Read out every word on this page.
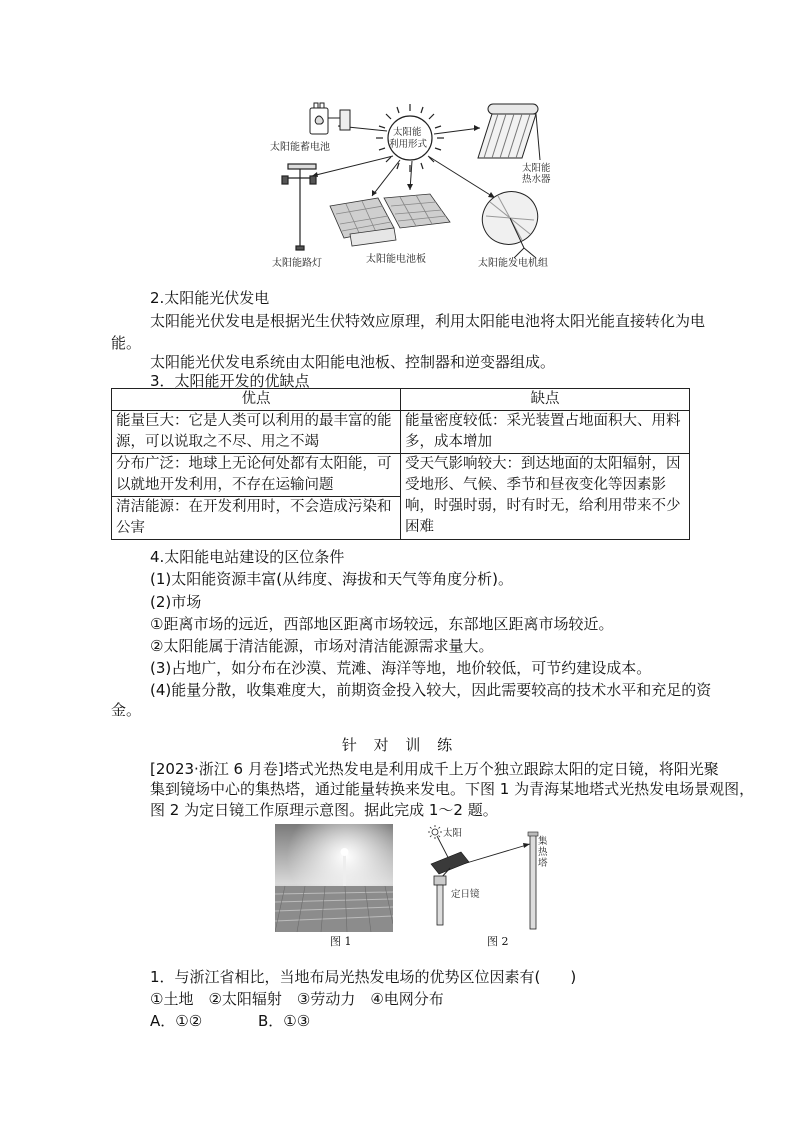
太阳能
利用形式
太阳能蓄电池
太阳能
热水器
太阳能路灯	太阳能电池板	太阳能发电机组
2.太阳能光伏发电
太阳能光伏发电是根据光生伏特效应原理，利用太阳能电池将太阳光能直接转化为电
能。
太阳能光伏发电系统由太阳能电池板、控制器和逆变器组成。
3．太阳能开发的优缺点
优点	缺点
能量巨大：它是人类可以利用的最丰富的能源，可以说取之不尽、用之不竭	能量密度较低：采光装置占地面积大、用料多，成本增加
分布广泛：地球上无论何处都有太阳能，可以就地开发利用，不存在运输问题	受天气影响较大：到达地面的太阳辐射，因受地形、气候、季节和昼夜变化等因素影响，时强时弱，时有时无，给利用带来不少困难
清洁能源：在开发利用时，不会造成污染和公害	
4.太阳能电站建设的区位条件
(1)太阳能资源丰富(从纬度、海拔和天气等角度分析)。
(2)市场
①距离市场的远近，西部地区距离市场较远，东部地区距离市场较近。
②太阳能属于清洁能源，市场对清洁能源需求量大。
(3)占地广，如分布在沙漠、荒滩、海洋等地，地价较低，可节约建设成本。
(4)能量分散，收集难度大，前期资金投入较大，因此需要较高的技术水平和充足的资
金。
针 对 训 练
[2023·浙江 6 月卷]塔式光热发电是利用成千上万个独立跟踪太阳的定日镜，将阳光聚
集到镜场中心的集热塔，通过能量转换来发电。下图 1 为青海某地塔式光热发电场景观图，
图 2 为定日镜工作原理示意图。据此完成 1～2 题。
图 1
太阳
集热塔
定日镜
图 2
1．与浙江省相比，当地布局光热发电场的优势区位因素有(　　)
①土地　②太阳辐射　③劳动力　④电网分布
A．①②	B．①③
